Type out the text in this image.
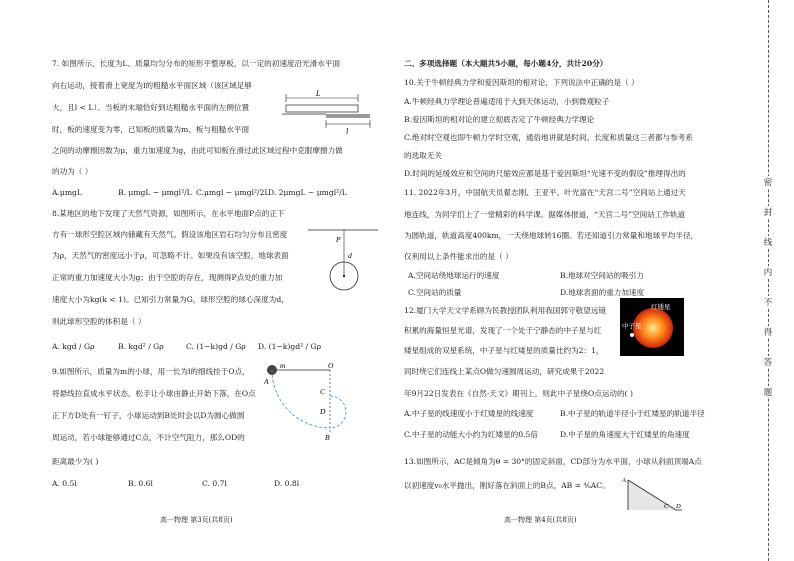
7. 如图所示，长度为L、质量均匀分布的矩形平整厚板，以一定的初速度沿光滑水平面
向右运动，接着滑上宽度为l的粗糙水平面区域（该区域足够
大，且l < L）。当板的末端恰好到达粗糙水平面的左侧位置
时，板的速度变为零，已知板的质量为m、板与粗糙水平面
之间的动摩擦因数为μ，重力加速度为g，由此可知板在滑过此区域过程中克服摩擦力做
的功为（ ）
A.μmgL	B. μmgL − μmgl²/L C.μmgl − μmgl²/2L
D. 2μmgL − μmgl²/L
L
l
8.某地区的地下发现了天然气资源，如图所示，在水平地面P点的正下
方有一球形空腔区域内储藏有天然气。假设该地区岩石均匀分布且密度
为ρ，天然气的密度远小于ρ，可忽略不计。如果没有该空腔，地球表面
正常的重力加速度大小为g；由于空腔的存在，现测得P点处的重力加
速度大小为kg(k < 1)。已知引力常量为G，球形空腔的球心深度为d，
则此球形空腔的体积是（ ）
A. kgd / Gρ	B. kgd² / Gρ	C. (1−k)gd / Gρ D. (1−k)gd² / Gρ
P
d
9.如图所示，质量为m的小球，用一长为l的细线拴于O点，
将悬线拉直成水平状态，松手让小球由静止开始下落，在O点
正下方D处有一钉子，小球运动到B处时会以D为圆心做圆
周运动，若小球能够通过C点，不计空气阻力，那么OD的
距离最少为( )
A. 0.5l	B. 0.6l	C. 0.7l	D. 0.8l
m	O
A
C
D
B
高一物理 第3页(共8页)
二、多项选择题（本大题共5小题，每小题4分，共计20分）
10.关于牛顿经典力学和爱因斯坦的相对论，下列说法中正确的是（ ）
A.牛顿经典力学理论普遍适用于大到天体运动，小到微观粒子
B.爱因斯坦的相对论的建立彻底否定了牛顿经典力学理论
C.绝对时空观也即牛顿力学时空观，通俗地讲就是时间、长度和质量这三者都与参考系
的选取无关
D.时间的延缓效应和空间的尺缩效应都是基于爱因斯坦“光速不变的假设”推理得出的
11. 2022年3月，中国航天员翟志刚、王亚平、叶光富在“天宫二号”空间站上通过天
地连线，为同学们上了一堂精彩的科学课。据媒体报道，“天宫二号”空间站工作轨道
为圆轨道，轨道高度400km，一天绕地球转16圈。若还知道引力常量和地球平均半径，
仅利用以上条件能求出的是（ ）
A.空间站绕地球运行的速度	B.地球对空间站的吸引力
C.空间站的质量	D.地球表面的重力加速度
12.厦门大学天文学系顾为民教授团队利用我国郭守敬望远镜
积累的海量恒星光谱，发现了一个处于宁静态的中子星与红
矮星组成的双星系统，中子星与红矮星的质量比约为2：1，
同时绕它们连线上某点O做匀速圆周运动，研究成果于2022
年9月22日发表在《自然·天文》期刊上，则此中子星绕O点运动的( )
A.中子星的线速度小于红矮星的线速度	B.中子星的轨道半径小于红矮星的轨道半径
C.中子星的动能大小约为红矮星的0.5倍	D.中子星的角速度大于红矮星的角速度
13.如图所示，AC是倾角为θ = 30°的固定斜面，CD部分为水平面，小球从斜面顶端A点
以初速度v₀水平抛出，刚好落在斜面上的B点，AB = ⅘AC。
高一物理 第4页(共8页)
红矮星
中子星
A
C D
密
封
线
内
不
得
答
题
